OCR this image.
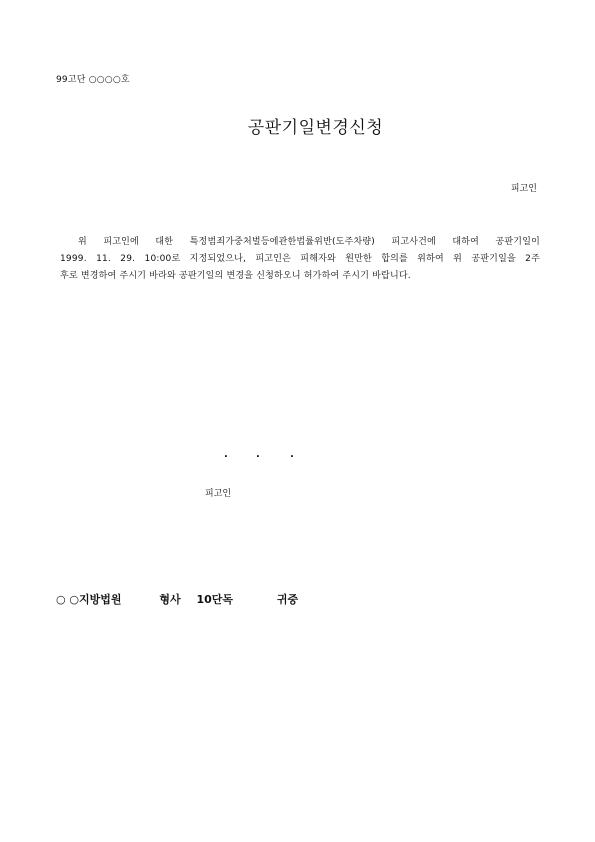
99고단 ○○○○호
공판기일변경신청
피고인
위 피고인에 대한 특정범죄가중처벌등에관한법률위반(도주차량) 피고사건에 대하여 공판기일이
1999. 11. 29. 10:00로 지정되었으나, 피고인은 피해자와 원만한 합의를 위하여 위 공판기일을 2주
후로 변경하여 주시기 바라와 공판기일의 변경을 신청하오니 허가하여 주시기 바랍니다.
.	.	.
피고인
○ ○지방법원	형사 10단독	귀중
